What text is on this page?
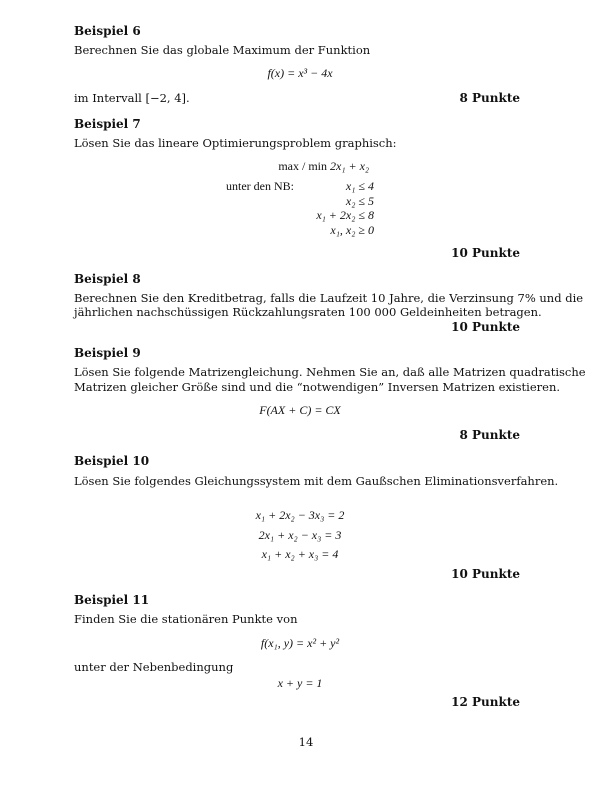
Beispiel 6
Berechnen Sie das globale Maximum der Funktion
f(x) = x³ − 4x
im Intervall [−2, 4].	8 Punkte
Beispiel 7
Lösen Sie das lineare Optimierungsproblem graphisch:
max / min 2x₁ + x₂
unter den NB:	x₁ ≤ 4
x₂ ≤ 5
x₁ + 2x₂ ≤ 8
x₁, x₂ ≥ 0
10 Punkte
Beispiel 8
Berechnen Sie den Kreditbetrag, falls die Laufzeit 10 Jahre, die Verzinsung 7% und die
jährlichen nachschüssigen Rückzahlungsraten 100 000 Geldeinheiten betragen.
10 Punkte
Beispiel 9
Lösen Sie folgende Matrizengleichung. Nehmen Sie an, daß alle Matrizen quadratische
Matrizen gleicher Größe sind und die “notwendigen” Inversen Matrizen existieren.
F(AX + C) = CX
8 Punkte
Beispiel 10
Lösen Sie folgendes Gleichungssystem mit dem Gaußschen Eliminationsverfahren.
x₁ + 2x₂ − 3x₃ = 2
2x₁ + x₂ − x₃ = 3
x₁ + x₂ + x₃ = 4
10 Punkte
Beispiel 11
Finden Sie die stationären Punkte von
f(x₁, y) = x² + y²
unter der Nebenbedingung
x + y = 1
12 Punkte
14
